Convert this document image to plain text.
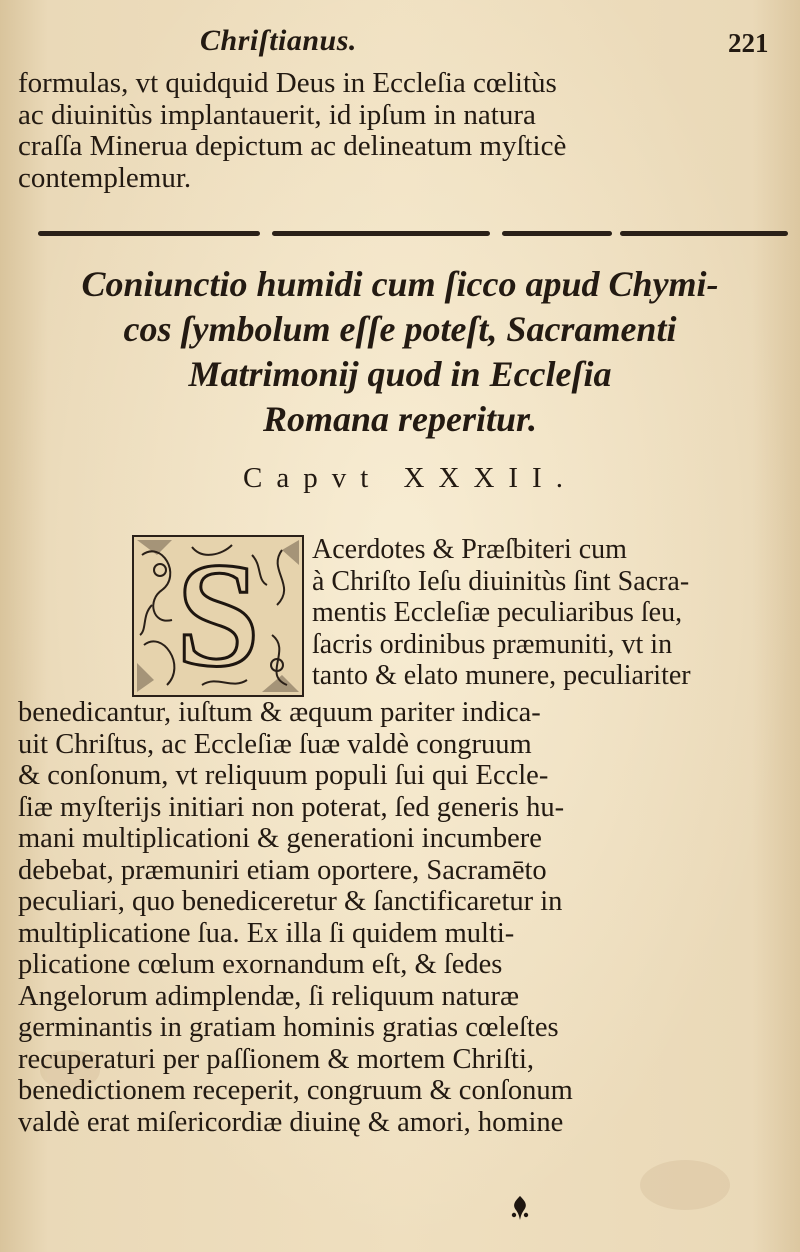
Chriſtianus.	221
formulas, vt quidquid Deus in Eccleſia cœlitùs
ac diuinitùs implantauerit, id ipſum in natura
craſſa Minerua depictum ac delineatum myſticè
contemplemur.
Coniunctio humidi cum ſicco apud Chymi-
cos ſymbolum eſſe poteſt, Sacramenti
Matrimonij quod in Eccleſia
Romana reperitur.
Capvt XXXII.
S Acerdotes & Præſbiteri cum
à Chriſto Ieſu diuinitùs ſint Sacra-
mentis Eccleſiæ peculiaribus ſeu,
ſacris ordinibus præmuniti, vt in
tanto & elato munere, peculiariter
benedicantur, iuſtum & æquum pariter indica-
uit Chriſtus, ac Eccleſiæ ſuæ valdè congruum
& conſonum, vt reliquum populi ſui qui Eccle-
ſiæ myſterijs initiari non poterat, ſed generis hu-
mani multiplicationi & generationi incumbere
debebat, præmuniri etiam oportere, Sacramēto
peculiari, quo benediceretur & ſanctificaretur in
multiplicatione ſua. Ex illa ſi quidem multi-
plicatione cœlum exornandum eſt, & ſedes
Angelorum adimplendæ, ſi reliquum naturæ
germinantis in gratiam hominis gratias cœleſtes
recuperaturi per paſſionem & mortem Chriſti,
benedictionem receperit, congruum & conſonum
valdè erat miſericordiæ diuinę & amori, homine
